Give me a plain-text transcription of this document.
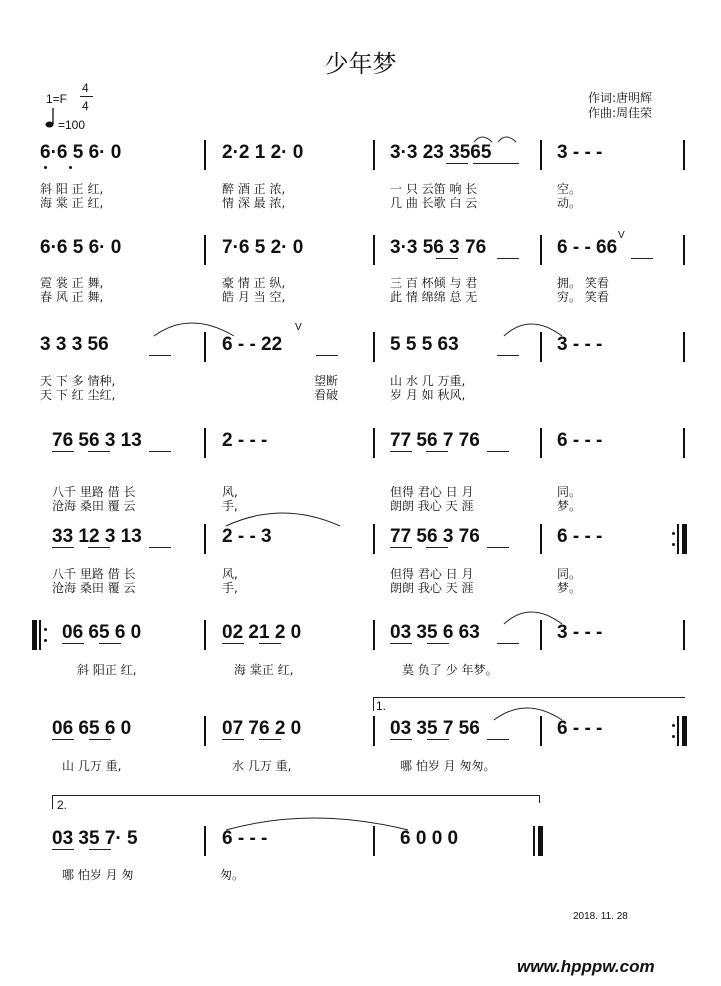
少年梦
1=F
4
4
=100
作词:唐明辉
作曲:周佳荣
6·6 5 6· 0	2·2 1 2· 0	3·3 23 3565	3 - - -
斜 阳 正 红,	醉 酒 正 浓,	一 只 云笛 响 长	空。
海 棠 正 红,	情 深 最 浓,	几 曲 长歌 白 云	动。
6·6 5 6· 0	7·6 5 2· 0	3·3 56 3 76	6 - - 66
V
霓 裳 正 舞,	豪 情 正 纵,	三 百 杯倾 与 君	拥。 笑看
春 风 正 舞,	皓 月 当 空,	此 情 绵绵 总 无	穷。 笑看
3 3 3 56	6 - - 22	5 5 5 63	3 - - -
V
天 下 多 情种,	望断	山 水 几 万重,
天 下 红 尘红,	看破	岁 月 如 秋风,
76 56 3 13	2 - - -	77 56 7 76	6 - - -
八千 里路 借 长	风,	但得 君心 日 月	同。
沧海 桑田 覆 云	手,	朗朗 我心 天 涯	梦。
33 12 3 13	2 - - 3	77 56 3 76	6 - - -
八千 里路 借 长	风,	但得 君心 日 月	同。
沧海 桑田 覆 云	手,	朗朗 我心 天 涯	梦。
06 65 6 0	02 21 2 0	03 35 6 63	3 - - -
斜 阳正 红,	海 棠正 红,	莫 负了 少 年梦。
1.
06 65 6 0	07 76 2 0	03 35 7 56	6 - - -
山 几万 重,	水 几万 重,	哪 怕岁 月 匆匆。
2.
03 35 7· 5	6 - - -	6 0 0 0
哪 怕岁 月 匆	匆。
2018. 11. 28
www.hpppw.com
